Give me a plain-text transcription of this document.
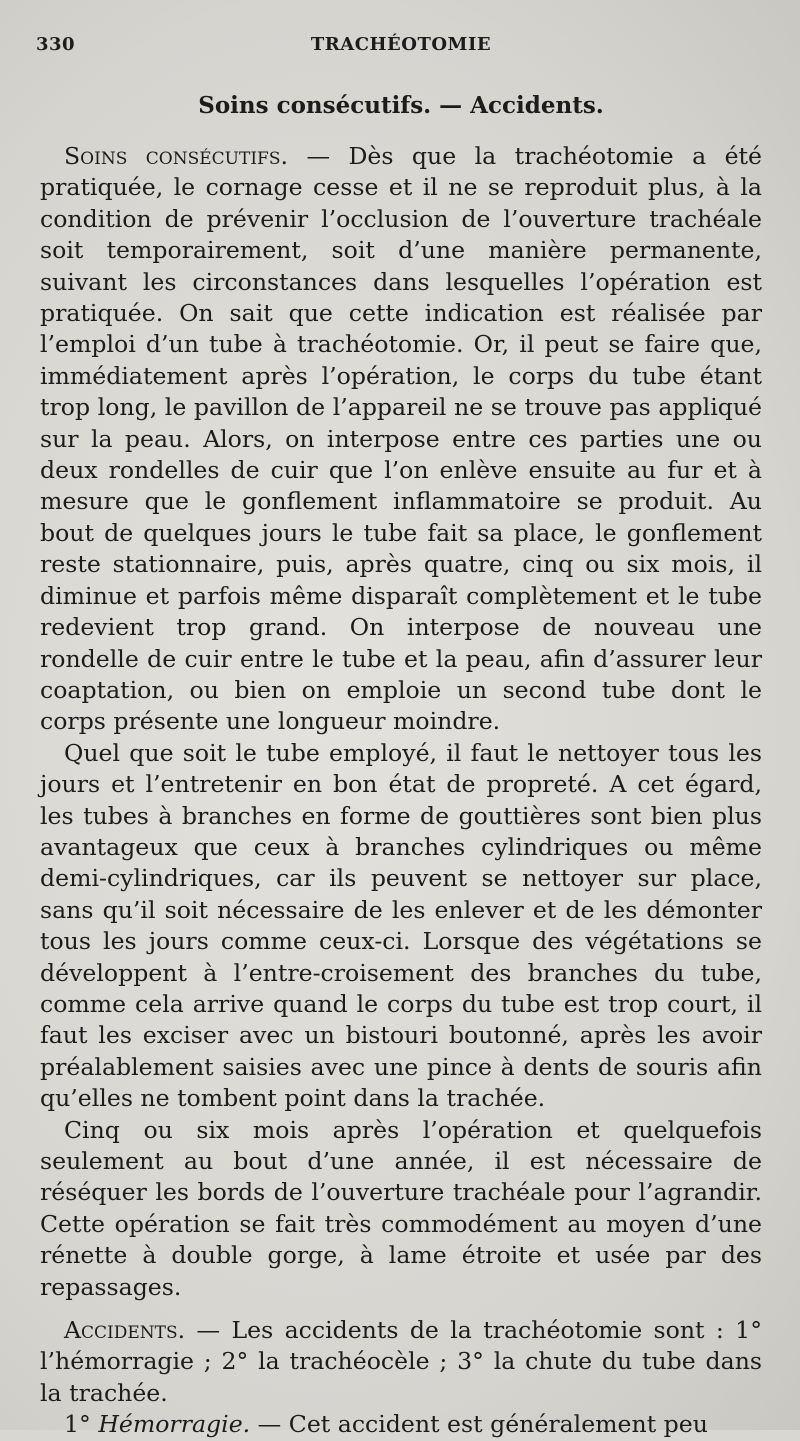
330	TRACHÉOTOMIE
Soins consécutifs. — Accidents.

Soins consécutifs. — Dès que la trachéotomie a été pratiquée, le cornage cesse et il ne se reproduit plus, à la condition de prévenir l’occlusion de l’ouverture trachéale soit temporairement, soit d’une manière permanente, suivant les circonstances dans lesquelles l’opération est pratiquée. On sait que cette indication est réalisée par l’emploi d’un tube à trachéotomie. Or, il peut se faire que, immédiatement après l’opération, le corps du tube étant trop long, le pavillon de l’appareil ne se trouve pas appliqué sur la peau. Alors, on interpose entre ces parties une ou deux rondelles de cuir que l’on enlève ensuite au fur et à mesure que le gonflement inflammatoire se produit. Au bout de quelques jours le tube fait sa place, le gonflement reste stationnaire, puis, après quatre, cinq ou six mois, il diminue et parfois même disparaît complètement et le tube redevient trop grand. On interpose de nouveau une rondelle de cuir entre le tube et la peau, afin d’assurer leur coaptation, ou bien on emploie un second tube dont le corps présente une longueur moindre.

Quel que soit le tube employé, il faut le nettoyer tous les jours et l’entretenir en bon état de propreté. A cet égard, les tubes à branches en forme de gouttières sont bien plus avantageux que ceux à branches cylindriques ou même demi-cylindriques, car ils peuvent se nettoyer sur place, sans qu’il soit nécessaire de les enlever et de les démonter tous les jours comme ceux-ci. Lorsque des végétations se développent à l’entre-croisement des branches du tube, comme cela arrive quand le corps du tube est trop court, il faut les exciser avec un bistouri boutonné, après les avoir préalablement saisies avec une pince à dents de souris afin qu’elles ne tombent point dans la trachée.

Cinq ou six mois après l’opération et quelquefois seulement au bout d’une année, il est nécessaire de réséquer les bords de l’ouverture trachéale pour l’agrandir. Cette opération se fait très commodément au moyen d’une rénette à double gorge, à lame étroite et usée par des repassages.

Accidents. — Les accidents de la trachéotomie sont : 1° l’hémorragie ; 2° la trachéocèle ; 3° la chute du tube dans la trachée.

1° Hémorragie. — Cet accident est généralement peu
